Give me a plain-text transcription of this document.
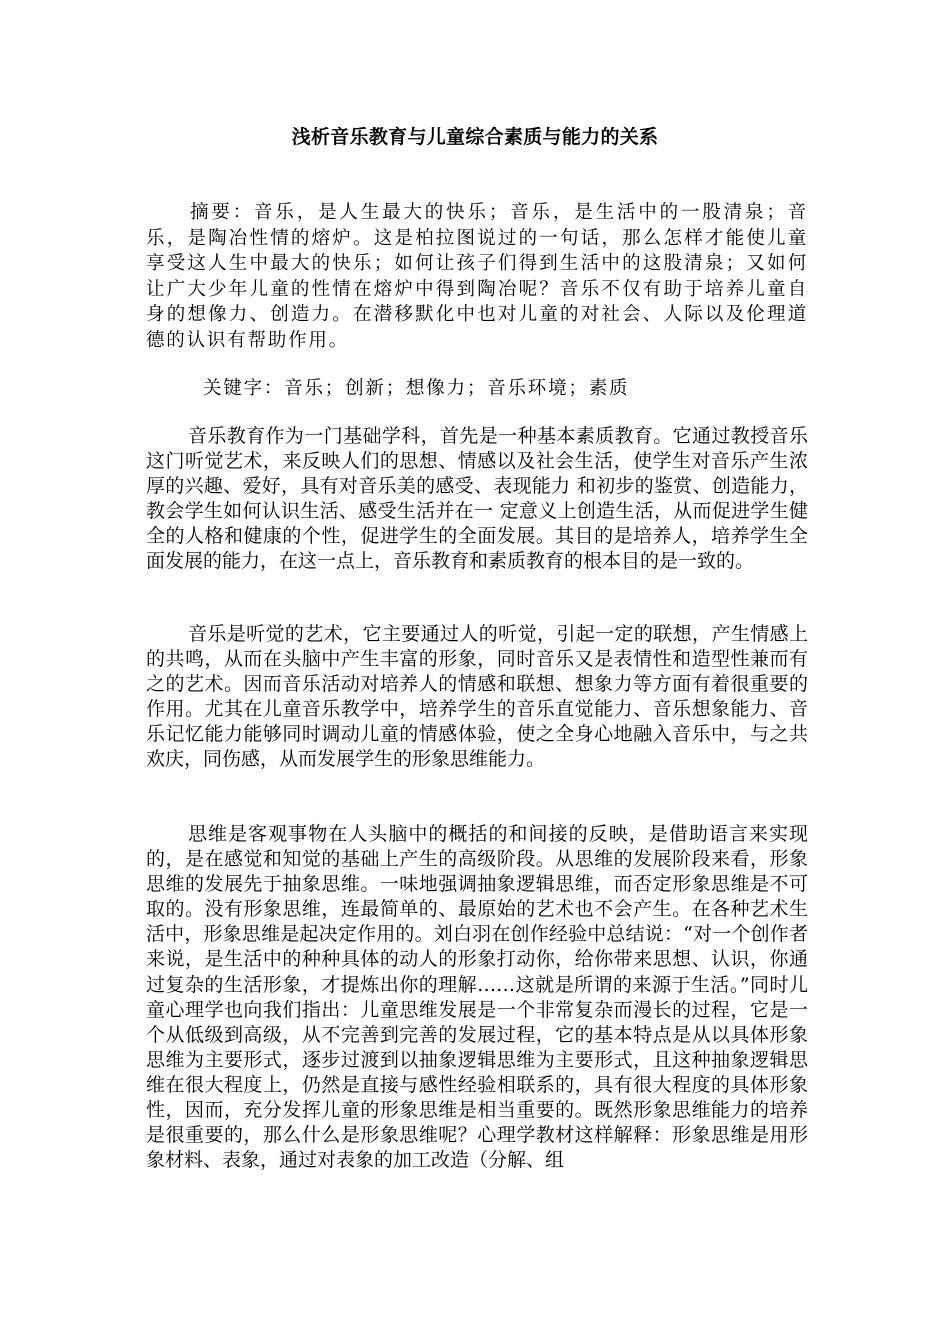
浅析音乐教育与儿童综合素质与能力的关系

摘要：音乐，是人生最大的快乐；音乐，是生活中的一股清泉；音乐，是陶冶性情的熔炉。这是柏拉图说过的一句话，那么怎样才能使儿童享受这人生中最大的快乐；如何让孩子们得到生活中的这股清泉；又如何让广大少年儿童的性情在熔炉中得到陶冶呢？音乐不仅有助于培养儿童自身的想像力、创造力。在潜移默化中也对儿童的对社会、人际以及伦理道德的认识有帮助作用。

关键字：音乐；创新；想像力；音乐环境；素质

音乐教育作为一门基础学科，首先是一种基本素质教育。它通过教授音乐这门听觉艺术，来反映人们的思想、情感以及社会生活，使学生对音乐产生浓厚的兴趣、爱好，具有对音乐美的感受、表现能力 和初步的鉴赏、创造能力，教会学生如何认识生活、感受生活并在一 定意义上创造生活，从而促进学生健全的人格和健康的个性，促进学生的全面发展。其目的是培养人，培养学生全面发展的能力，在这一点上，音乐教育和素质教育的根本目的是一致的。

音乐是听觉的艺术，它主要通过人的听觉，引起一定的联想，产生情感上的共鸣，从而在头脑中产生丰富的形象，同时音乐又是表情性和造型性兼而有之的艺术。因而音乐活动对培养人的情感和联想、想象力等方面有着很重要的作用。尤其在儿童音乐教学中，培养学生的音乐直觉能力、音乐想象能力、音乐记忆能力能够同时调动儿童的情感体验，使之全身心地融入音乐中，与之共欢庆，同伤感，从而发展学生的形象思维能力。

思维是客观事物在人头脑中的概括的和间接的反映，是借助语言来实现的，是在感觉和知觉的基础上产生的高级阶段。从思维的发展阶段来看，形象思维的发展先于抽象思维。一味地强调抽象逻辑思维，而否定形象思维是不可取的。没有形象思维，连最简单的、最原始的艺术也不会产生。在各种艺术生活中，形象思维是起决定作用的。刘白羽在创作经验中总结说：“对一个创作者来说，是生活中的种种具体的动人的形象打动你，给你带来思想、认识，你通过复杂的生活形象，才提炼出你的理解……这就是所谓的来源于生活。”同时儿童心理学也向我们指出：儿童思维发展是一个非常复杂而漫长的过程，它是一个从低级到高级，从不完善到完善的发展过程，它的基本特点是从以具体形象思维为主要形式，逐步过渡到以抽象逻辑思维为主要形式，且这种抽象逻辑思维在很大程度上，仍然是直接与感性经验相联系的，具有很大程度的具体形象性，因而，充分发挥儿童的形象思维是相当重要的。既然形象思维能力的培养是很重要的，那么什么是形象思维呢？心理学教材这样解释：形象思维是用形象材料、表象，通过对表象的加工改造（分解、组
